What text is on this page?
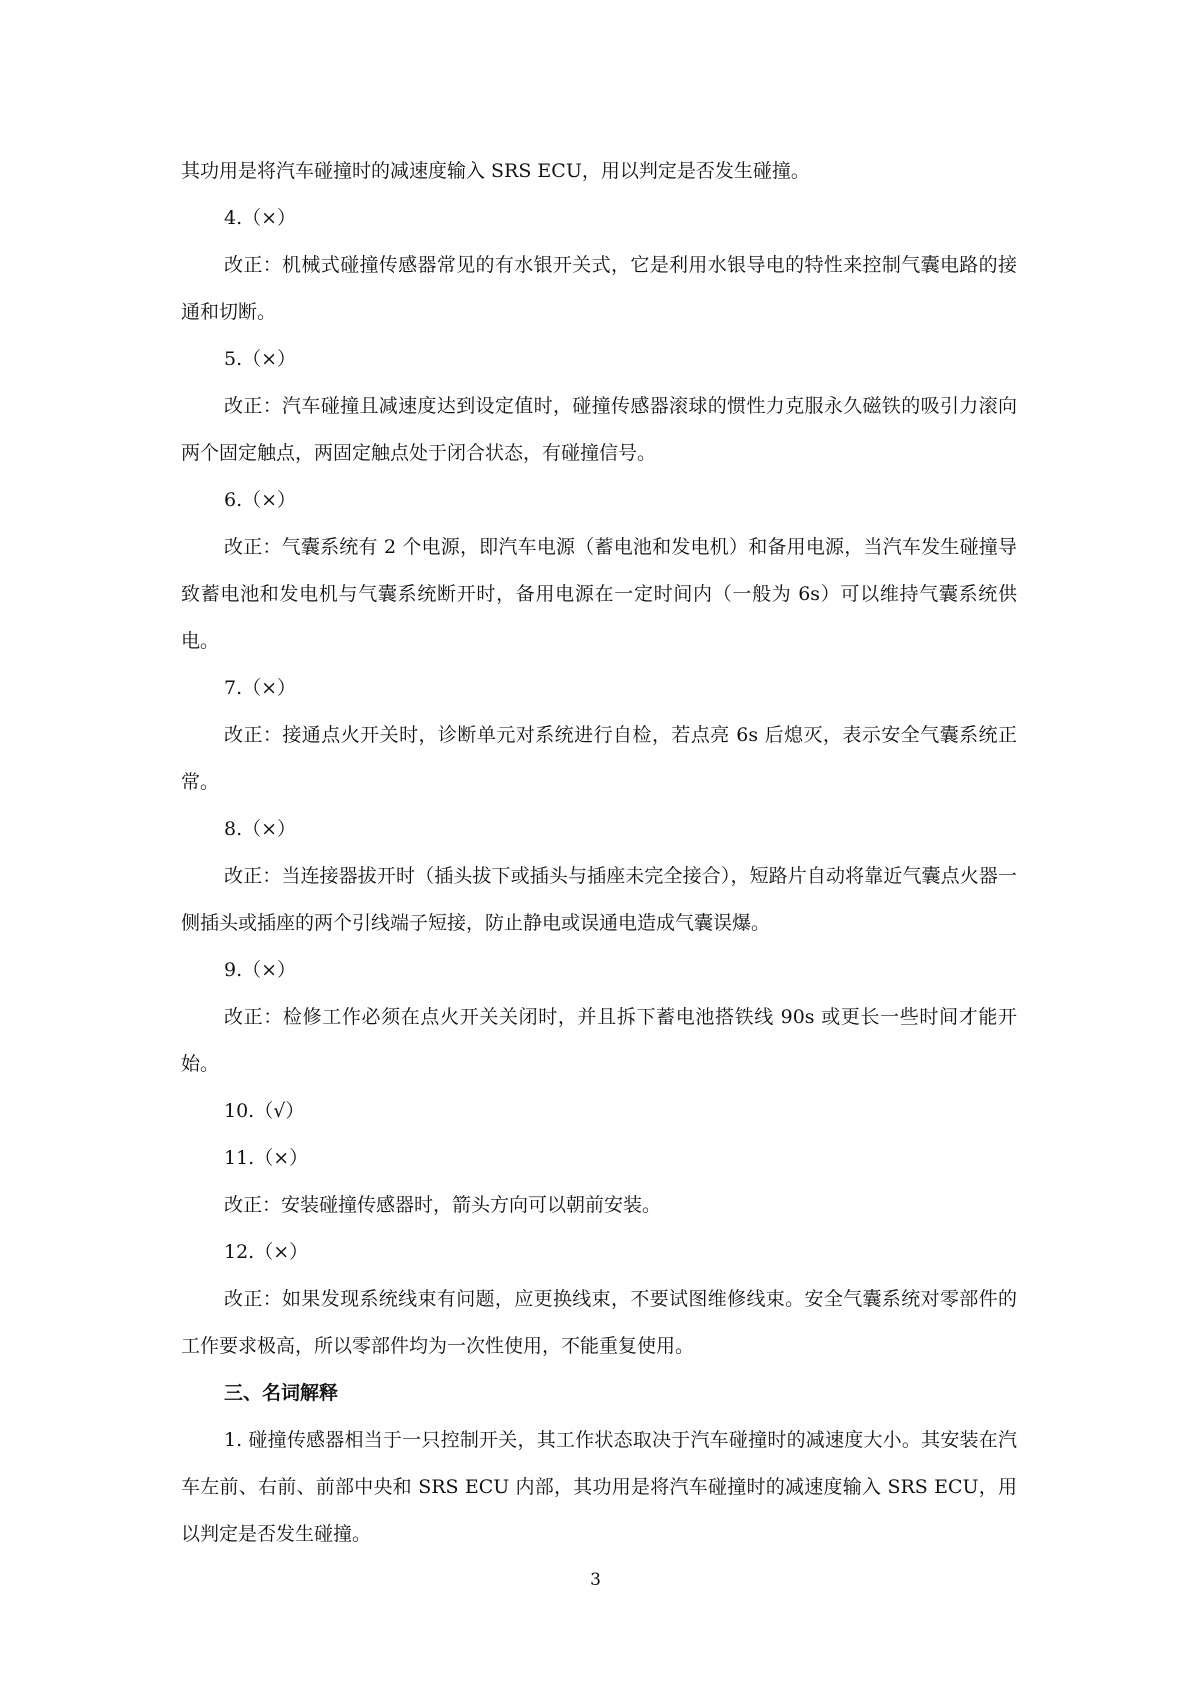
其功用是将汽车碰撞时的减速度输入 SRS ECU，用以判定是否发生碰撞。

4.（×）

改正：机械式碰撞传感器常见的有水银开关式，它是利用水银导电的特性来控制气囊电路的接通和切断。

5.（×）

改正：汽车碰撞且减速度达到设定值时，碰撞传感器滚球的惯性力克服永久磁铁的吸引力滚向两个固定触点，两固定触点处于闭合状态，有碰撞信号。

6.（×）

改正：气囊系统有 2 个电源，即汽车电源（蓄电池和发电机）和备用电源，当汽车发生碰撞导致蓄电池和发电机与气囊系统断开时，备用电源在一定时间内（一般为 6s）可以维持气囊系统供电。

7.（×）

改正：接通点火开关时，诊断单元对系统进行自检，若点亮 6s 后熄灭，表示安全气囊系统正常。

8.（×）

改正：当连接器拔开时（插头拔下或插头与插座未完全接合），短路片自动将靠近气囊点火器一侧插头或插座的两个引线端子短接，防止静电或误通电造成气囊误爆。

9.（×）

改正：检修工作必须在点火开关关闭时，并且拆下蓄电池搭铁线 90s 或更长一些时间才能开始。

10.（√）
11.（×）

改正：安装碰撞传感器时，箭头方向可以朝前安装。

12.（×）

改正：如果发现系统线束有问题，应更换线束，不要试图维修线束。安全气囊系统对零部件的工作要求极高，所以零部件均为一次性使用，不能重复使用。

三、名词解释

1. 碰撞传感器相当于一只控制开关，其工作状态取决于汽车碰撞时的减速度大小。其安装在汽车左前、右前、前部中央和 SRS ECU 内部，其功用是将汽车碰撞时的减速度输入 SRS ECU，用以判定是否发生碰撞。

3
